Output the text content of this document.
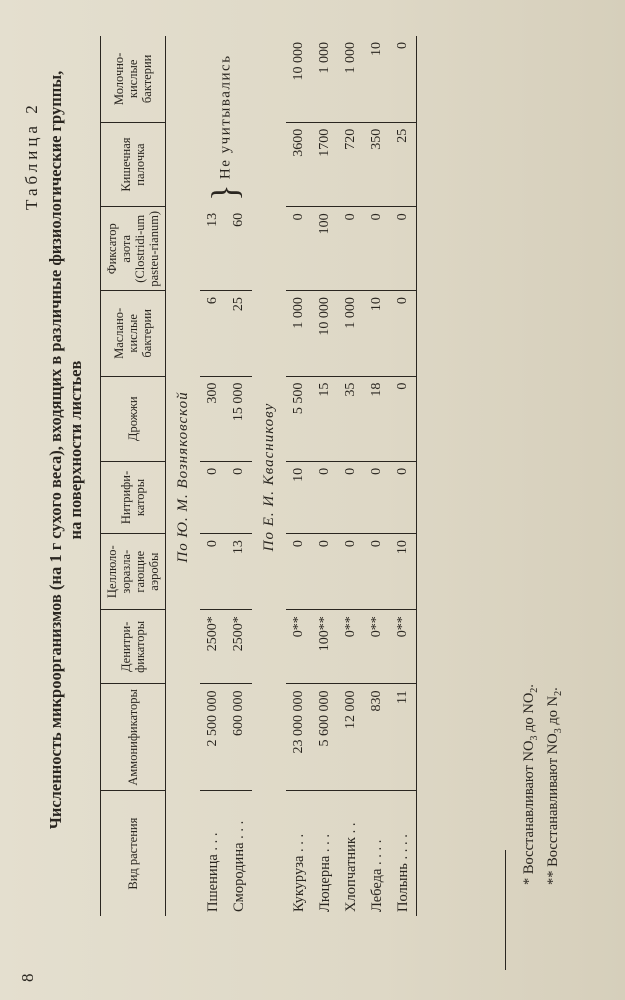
8
Таблица 2 Численность микроорганизмов (на 1 г сухого веса), входящих в различные физиологические группы, на поверхности листьев
Вид растения	Аммонификаторы	Денитри-фикаторы	Целлюло-зоразла-гающие аэробы	Нитрифи-каторы	Дрожжи	Маслано-кислые бактерии	Фиксатор азота (Clostridi-um pasteu-rianum)	Кишечная палочка	Молочно-кислые бактерии
По Ю. М. Возняковской									
Пшеница . . .	2 500 000	2500*	0	0	300	6	13	}Не учитывались	
Смородина . . .	600 000	2500*	13	0	15 000	25	60		
По Е. И. Квасникову									
Кукуруза . . .	23 000 000	0**	0	10	5 500	1 000	0	3600	10 000
Люцерна . . .	5 600 000	100**	0	0	15	10 000	100	1700	1 000
Хлопчатник . .	12 000	0**	0	0	35	1 000	0	720	1 000
Лебеда . . . .	830	0**	0	0	18	10	0	350	10
Полынь . . . .	11	0**	10	0	0	0	0	25	0
* Восстанавливают $NO_3$ до $NO_2$.
** Восстанавливают $NO_3$ до $N_2$.
